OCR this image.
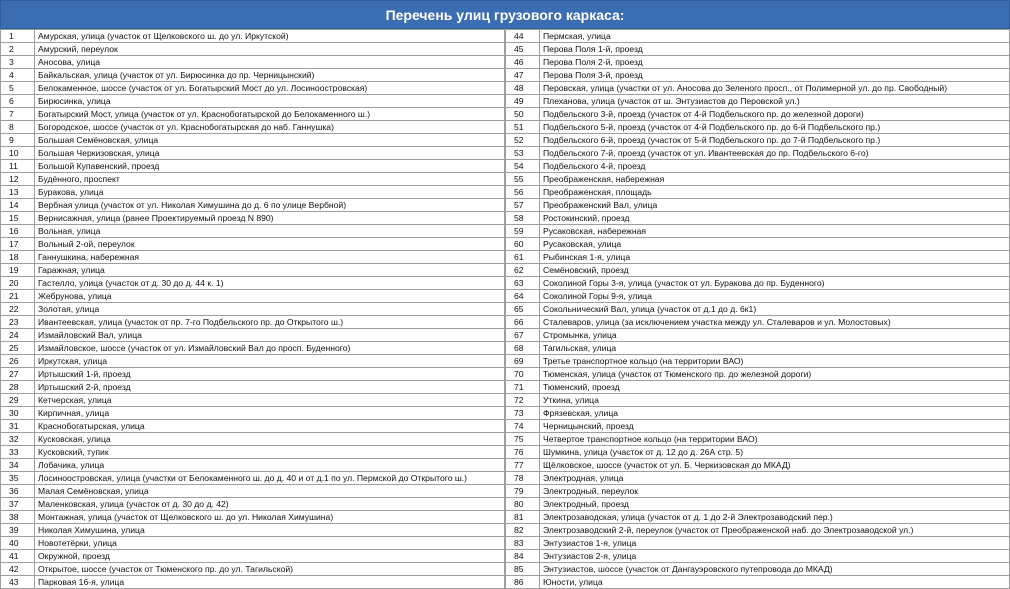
Перечень улиц грузового каркаса:
1	Амурская, улица (участок от Щелковского ш. до ул. Иркутской)
2	Амурский, переулок
3	Аносова, улица
4	Байкальская, улица (участок от ул. Бирюсинка до пр. Черницынский)
5	Белокаменное, шоссе (участок от ул. Богатырский Мост до ул. Лосиноостровская)
6	Бирюсинка, улица
7	Богатырский Мост, улица (участок от ул. Краснобогатырской до Белокаменного ш.)
8	Богородское, шоссе (участок от ул. Краснобогатырская до наб. Ганнушка)
9	Большая Семёновская, улица
10	Большая Черкизовская, улица
11	Большой Купавенский, проезд
12	Будённого, проспект
13	Буракова, улица
14	Вербная улица (участок от ул. Николая Химушина до д. 6 по улице Вербной)
15	Вернисажная, улица (ранее Проектируемый проезд N 890)
16	Вольная, улица
17	Вольный 2-ой, переулок
18	Ганнушкина, набережная
19	Гаражная, улица
20	Гастелло, улица (участок от д. 30 до д. 44 к. 1)
21	Жебрунова, улица
22	Золотая, улица
23	Ивантеевская, улица (участок от пр. 7-го Подбельского пр. до Открытого ш.)
24	Измайловский Вал, улица
25	Измайловское, шоссе (участок от ул. Измайловский Вал до просп. Буденного)
26	Иркутская, улица
27	Иртышский 1-й, проезд
28	Иртышский 2-й, проезд
29	Кетчерская, улица
30	Кирпичная, улица
31	Краснобогатырская, улица
32	Кусковская, улица
33	Кусковский, тупик
34	Лобачика, улица
35	Лосиноостровская, улица (участки от Белокаменного ш. до д. 40 и от д.1 по ул. Пермской до Открытого ш.)
36	Малая Семёновская, улица
37	Маленковская, улица (участок от д. 30 до д. 42)
38	Монтажная, улица (участок от Щелковского ш. до ул. Николая Химушина)
39	Николая Химушина, улица
40	Новотетёрки, улица
41	Окружной, проезд
42	Открытое, шоссе (участок от Тюменского пр. до ул. Тагильской)
43	Парковая 16-я, улица
44	Пермская, улица
45	Перова Поля 1-й, проезд
46	Перова Поля 2-й, проезд
47	Перова Поля 3-й, проезд
48	Перовская, улица (участки от ул. Аносова до Зеленого просп., от Полимерной ул. до пр. Свободный)
49	Плеханова, улица (участок от ш. Энтузиастов до Перовской ул.)
50	Подбельского 3-й, проезд (участок от 4-й Подбельского пр. до железной дороги)
51	Подбельского 5-й, проезд (участок от 4-й Подбельского пр. до 6-й Подбельского пр.)
52	Подбельского 6-й, проезд (участок от 5-й Подбельского пр. до 7-й Подбельского пр.)
53	Подбельского 7-й, проезд (участок от ул. Ивантеевская до пр. Подбельского 6-го)
54	Подбельского 4-й, проезд
55	Преображенская, набережная
56	Преображенская, площадь
57	Преображенский Вал, улица
58	Ростокинский, проезд
59	Русаковская, набережная
60	Русаковская, улица
61	Рыбинская 1-я, улица
62	Семёновский, проезд
63	Соколиной Горы 3-я, улица (участок от ул. Буракова до пр. Буденного)
64	Соколиной Горы 9-я, улица
65	Сокольнический Вал, улица (участок от д.1 до д. 6к1)
66	Сталеваров, улица (за исключением участка между ул. Сталеваров и ул. Молостовых)
67	Стромынка, улица
68	Тагильская, улица
69	Третье транспортное кольцо (на территории ВАО)
70	Тюменская, улица (участок от Тюменского пр. до железной дороги)
71	Тюменский, проезд
72	Уткина, улица
73	Фрязевская, улица
74	Черницынский, проезд
75	Четвертое транспортное кольцо (на территории ВАО)
76	Шумкина, улица (участок от д. 12 до д. 26А стр. 5)
77	Щёлковское, шоссе (участок от ул. Б. Черкизовская до МКАД)
78	Электродная, улица
79	Электродный, переулок
80	Электродный, проезд
81	Электрозаводская, улица (участок от д. 1 до 2-й Электрозаводский пер.)
82	Электрозаводский 2-й, переулок (участок от Преображенской наб. до Электрозаводской ул.)
83	Энтузиастов 1-я, улица
84	Энтузиастов 2-я, улица
85	Энтузиастов, шоссе (участок от Дангауэровского путепровода до МКАД)
86	Юности, улица
